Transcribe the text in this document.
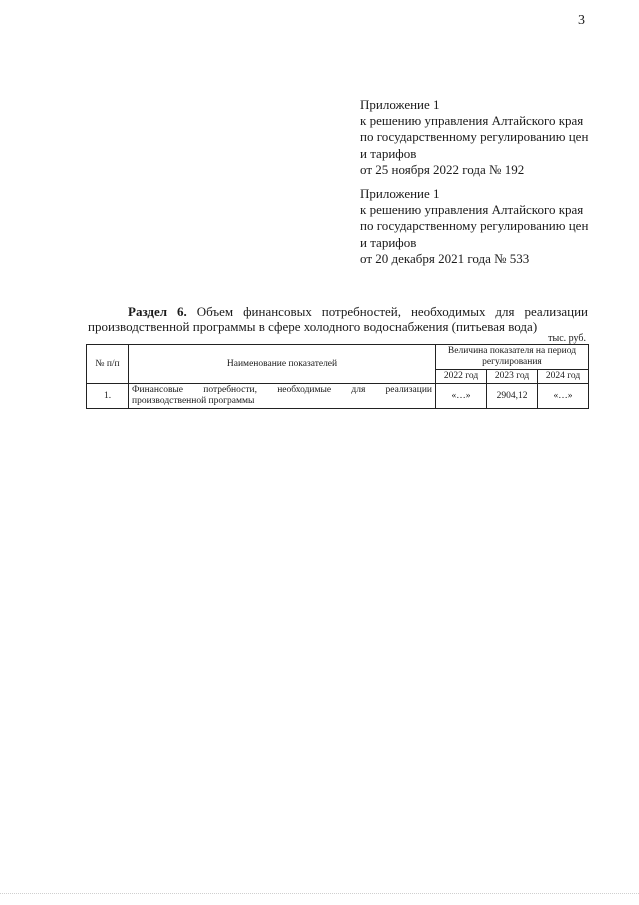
3
Приложение 1
к решению управления Алтайского края
по государственному регулированию цен
и тарифов
от 25 ноября 2022 года № 192
Приложение 1
к решению управления Алтайского края
по государственному регулированию цен
и тарифов
от 20 декабря 2021 года № 533
Раздел 6. Объем финансовых потребностей, необходимых для реализации
производственной программы в сфере холодного водоснабжения (питьевая вода)
тыс. руб.
№ п/п	Наименование показателей	Величина показателя на период регулирования		
		2022 год	2023 год	2024 год
1.	Финансовые потребности, необходимые для реализации производственной программы	«…»	2904,12	«…»
